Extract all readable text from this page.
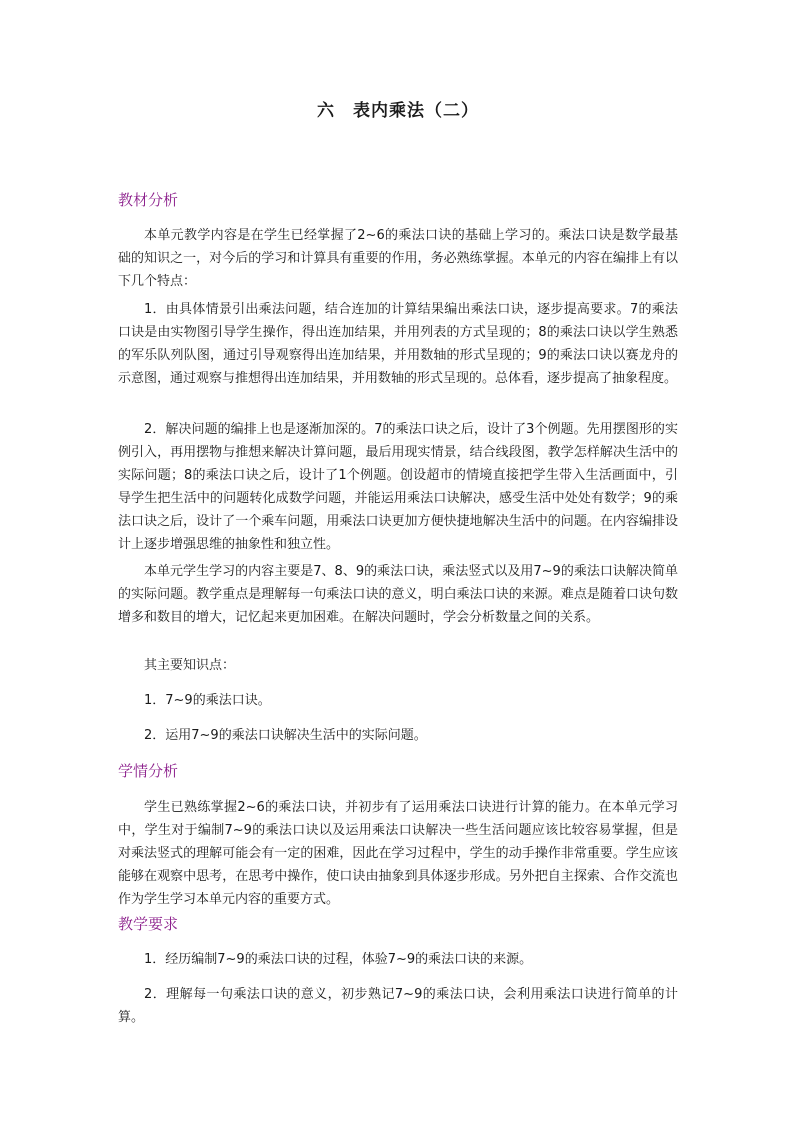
六　表内乘法（二）
教材分析

本单元教学内容是在学生已经掌握了2~6的乘法口诀的基础上学习的。乘法口诀是数学最基础的知识之一，对今后的学习和计算具有重要的作用，务必熟练掌握。本单元的内容在编排上有以下几个特点：

1．由具体情景引出乘法问题，结合连加的计算结果编出乘法口诀，逐步提高要求。7的乘法口诀是由实物图引导学生操作，得出连加结果，并用列表的方式呈现的；8的乘法口诀以学生熟悉的军乐队列队图，通过引导观察得出连加结果，并用数轴的形式呈现的；9的乘法口诀以赛龙舟的示意图，通过观察与推想得出连加结果，并用数轴的形式呈现的。总体看，逐步提高了抽象程度。

2．解决问题的编排上也是逐渐加深的。7的乘法口诀之后，设计了3个例题。先用摆图形的实例引入，再用摆物与推想来解决计算问题，最后用现实情景，结合线段图，教学怎样解决生活中的实际问题；8的乘法口诀之后，设计了1个例题。创设超市的情境直接把学生带入生活画面中，引导学生把生活中的问题转化成数学问题，并能运用乘法口诀解决，感受生活中处处有数学；9的乘法口诀之后，设计了一个乘车问题，用乘法口诀更加方便快捷地解决生活中的问题。在内容编排设计上逐步增强思维的抽象性和独立性。

本单元学生学习的内容主要是7、8、9的乘法口诀，乘法竖式以及用7~9的乘法口诀解决简单的实际问题。教学重点是理解每一句乘法口诀的意义，明白乘法口诀的来源。难点是随着口诀句数增多和数目的增大，记忆起来更加困难。在解决问题时，学会分析数量之间的关系。

其主要知识点：

1．7~9的乘法口诀。

2．运用7~9的乘法口诀解决生活中的实际问题。

学情分析

学生已熟练掌握2~6的乘法口诀，并初步有了运用乘法口诀进行计算的能力。在本单元学习中，学生对于编制7~9的乘法口诀以及运用乘法口诀解决一些生活问题应该比较容易掌握，但是对乘法竖式的理解可能会有一定的困难，因此在学习过程中，学生的动手操作非常重要。学生应该能够在观察中思考，在思考中操作，使口诀由抽象到具体逐步形成。另外把自主探索、合作交流也作为学生学习本单元内容的重要方式。

教学要求

1．经历编制7~9的乘法口诀的过程，体验7~9的乘法口诀的来源。

2．理解每一句乘法口诀的意义，初步熟记7~9的乘法口诀，会利用乘法口诀进行简单的计算。
